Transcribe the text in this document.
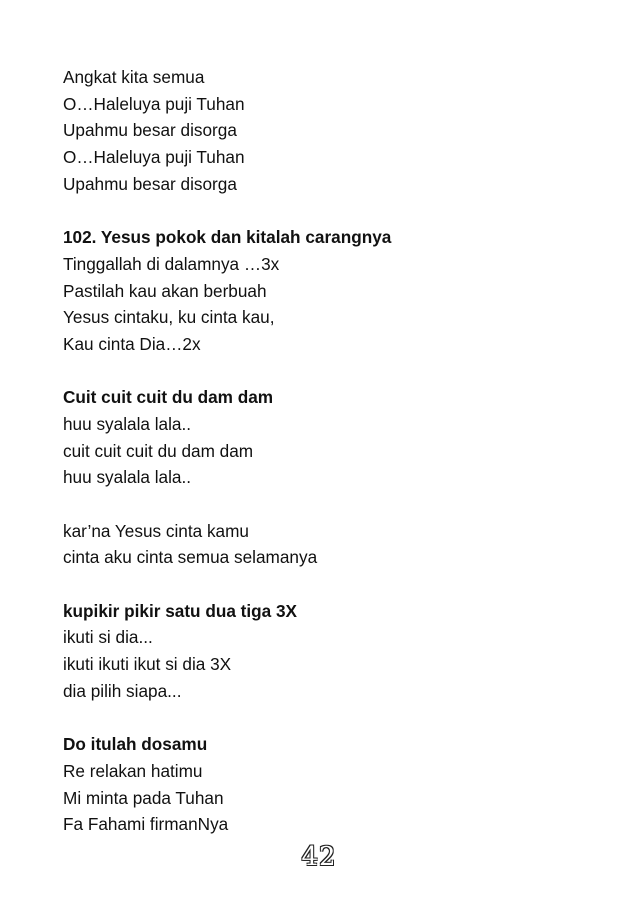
Angkat kita semua
O…Haleluya puji Tuhan
Upahmu besar disorga
O…Haleluya puji Tuhan
Upahmu besar disorga
102. Yesus pokok dan kitalah carangnya
Tinggallah di dalamnya …3x
Pastilah kau akan berbuah
Yesus cintaku, ku cinta kau,
Kau cinta Dia…2x
Cuit cuit cuit du dam dam
huu syalala lala..
cuit cuit cuit du dam dam
huu syalala lala..
kar’na Yesus cinta kamu
cinta aku cinta semua selamanya
kupikir pikir satu dua tiga 3X
ikuti si dia...
ikuti ikuti ikut si dia 3X
dia pilih siapa...
Do itulah dosamu
Re relakan hatimu
Mi minta pada Tuhan
Fa Fahami firmanNya
42
